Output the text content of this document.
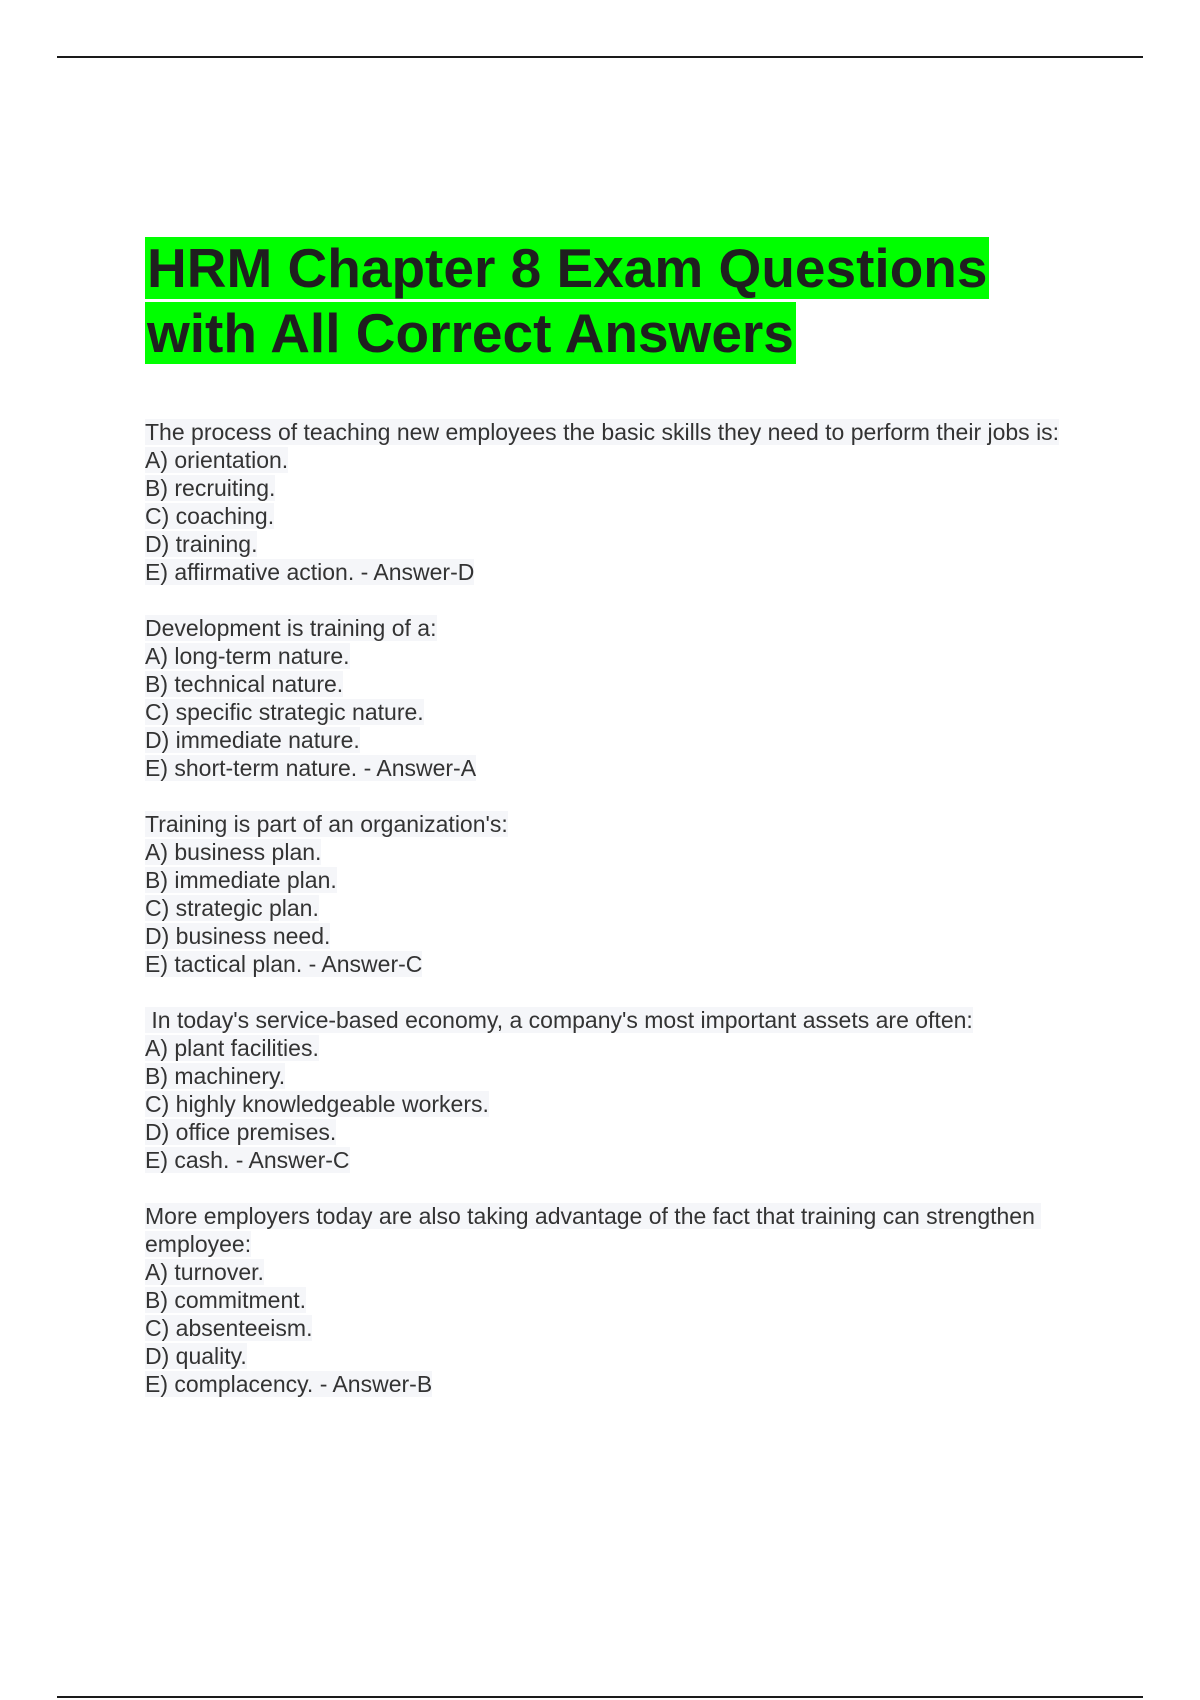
HRM Chapter 8 Exam Questions with All Correct Answers
The process of teaching new employees the basic skills they need to perform their jobs is:
A) orientation.
B) recruiting.
C) coaching.
D) training.
E) affirmative action. - Answer-D
Development is training of a:
A) long-term nature.
B) technical nature.
C) specific strategic nature.
D) immediate nature.
E) short-term nature. - Answer-A
Training is part of an organization's:
A) business plan.
B) immediate plan.
C) strategic plan.
D) business need.
E) tactical plan. - Answer-C
In today's service-based economy, a company's most important assets are often:
A) plant facilities.
B) machinery.
C) highly knowledgeable workers.
D) office premises.
E) cash. - Answer-C
More employers today are also taking advantage of the fact that training can strengthen employee:
A) turnover.
B) commitment.
C) absenteeism.
D) quality.
E) complacency. - Answer-B
